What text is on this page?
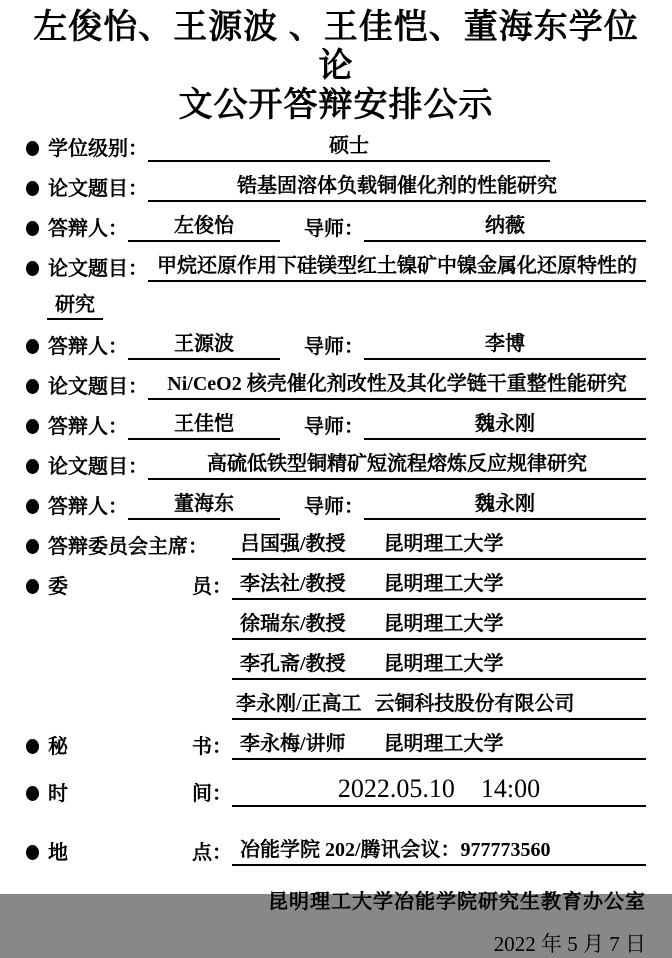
左俊怡、王源波 、王佳恺、董海东学位论
文公开答辩安排公示
学位级别：	硕士
论文题目：	锆基固溶体负载铜催化剂的性能研究
答辩人：	左俊怡	导师：	纳薇
论文题目： 甲烷还原作用下硅镁型红土镍矿中镍金属化还原特性的
研究
答辩人：	王源波	导师：	李博
论文题目： Ni/CeO2 核壳催化剂改性及其化学链干重整性能研究
答辩人：	王佳恺	导师：	魏永刚
论文题目：	高硫低铁型铜精矿短流程熔炼反应规律研究
答辩人：	董海东	导师：	魏永刚
答辩委员会主席：	吕国强/教授 昆明理工大学
委	员： 李法社/教授 昆明理工大学
徐瑞东/教授 昆明理工大学
李孔斋/教授 昆明理工大学
李永刚/正高工 云铜科技股份有限公司
秘	书： 李永梅/讲师 昆明理工大学
时	间：	2022.05.10    14:00
地	点： 冶能学院 202/腾讯会议：977773560
昆明理工大学冶能学院研究生教育办公室
2022 年 5 月 7 日
